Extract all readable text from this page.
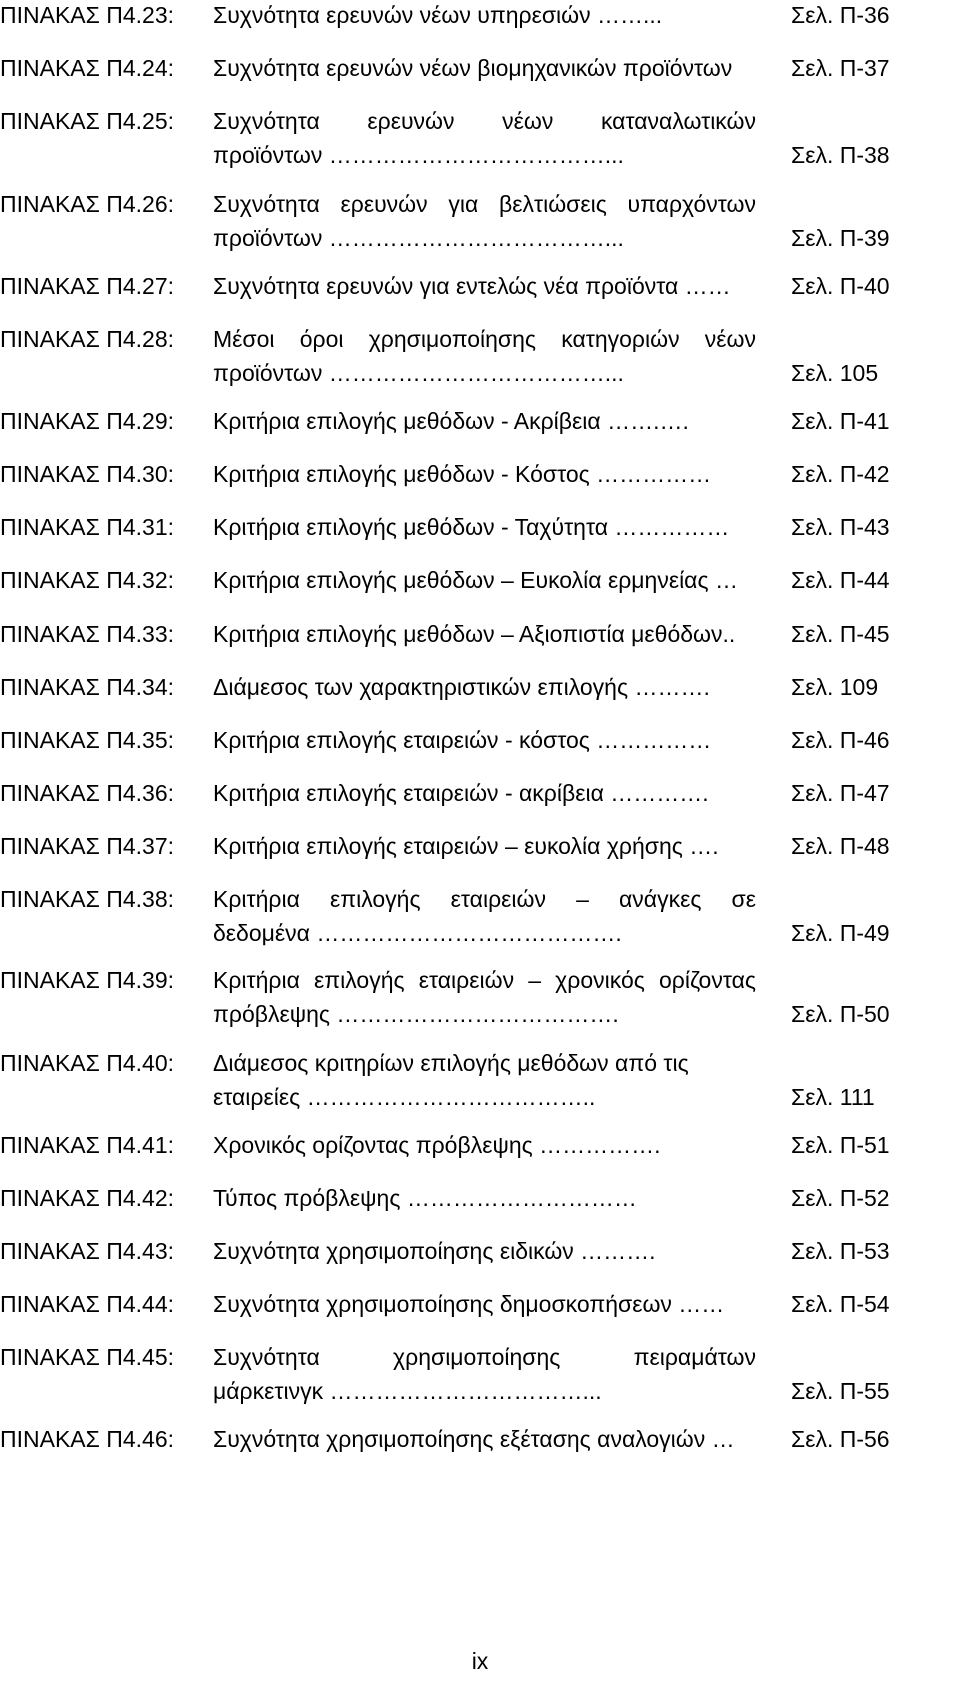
ΠΙΝΑΚΑΣ Π4.23: Συχνότητα ερευνών νέων υπηρεσιών ……...	Σελ. Π-36
ΠΙΝΑΚΑΣ Π4.24: Συχνότητα ερευνών νέων βιομηχανικών προϊόντων	Σελ. Π-37
ΠΙΝΑΚΑΣ Π4.25: Συχνότητα ερευνών νέων καταναλωτικών
προϊόντων ………………………………...	Σελ. Π-38
ΠΙΝΑΚΑΣ Π4.26: Συχνότητα ερευνών για βελτιώσεις υπαρχόντων
προϊόντων ………………………………...	Σελ. Π-39
ΠΙΝΑΚΑΣ Π4.27: Συχνότητα ερευνών για εντελώς νέα προϊόντα ……	Σελ. Π-40
ΠΙΝΑΚΑΣ Π4.28: Μέσοι όροι χρησιμοποίησης κατηγοριών νέων
προϊόντων ………………………………...	Σελ. 105
ΠΙΝΑΚΑΣ Π4.29: Κριτήρια επιλογής μεθόδων - Ακρίβεια …….….	Σελ. Π-41
ΠΙΝΑΚΑΣ Π4.30: Κριτήρια επιλογής μεθόδων - Κόστος ……………	Σελ. Π-42
ΠΙΝΑΚΑΣ Π4.31: Κριτήρια επιλογής μεθόδων - Ταχύτητα ……………	Σελ. Π-43
ΠΙΝΑΚΑΣ Π4.32: Κριτήρια επιλογής μεθόδων – Ευκολία ερμηνείας …	Σελ. Π-44
ΠΙΝΑΚΑΣ Π4.33: Κριτήρια επιλογής μεθόδων – Αξιοπιστία μεθόδων..	Σελ. Π-45
ΠΙΝΑΚΑΣ Π4.34: Διάμεσος των χαρακτηριστικών επιλογής ……….	Σελ. 109
ΠΙΝΑΚΑΣ Π4.35: Κριτήρια επιλογής εταιρειών - κόστος ……………	Σελ. Π-46
ΠΙΝΑΚΑΣ Π4.36: Κριτήρια επιλογής εταιρειών - ακρίβεια ………….	Σελ. Π-47
ΠΙΝΑΚΑΣ Π4.37: Κριτήρια επιλογής εταιρειών – ευκολία χρήσης ….	Σελ. Π-48
ΠΙΝΑΚΑΣ Π4.38: Κριτήρια επιλογής εταιρειών – ανάγκες σε
δεδομένα ………………………………….	Σελ. Π-49
ΠΙΝΑΚΑΣ Π4.39: Κριτήρια επιλογής εταιρειών – χρονικός ορίζοντας
πρόβλεψης ……………………………….	Σελ. Π-50
ΠΙΝΑΚΑΣ Π4.40: Διάμεσος κριτηρίων επιλογής μεθόδων από τις
εταιρείες ………………………………..	Σελ. 111
ΠΙΝΑΚΑΣ Π4.41: Χρονικός ορίζοντας πρόβλεψης …………….	Σελ. Π-51
ΠΙΝΑΚΑΣ Π4.42: Τύπος πρόβλεψης …………………………	Σελ. Π-52
ΠΙΝΑΚΑΣ Π4.43: Συχνότητα χρησιμοποίησης ειδικών ……….	Σελ. Π-53
ΠΙΝΑΚΑΣ Π4.44: Συχνότητα χρησιμοποίησης δημοσκοπήσεων ……	Σελ. Π-54
ΠΙΝΑΚΑΣ Π4.45: Συχνότητα χρησιμοποίησης πειραμάτων
μάρκετινγκ ……………………………...	Σελ. Π-55
ΠΙΝΑΚΑΣ Π4.46: Συχνότητα χρησιμοποίησης εξέτασης αναλογιών …	Σελ. Π-56
ix
